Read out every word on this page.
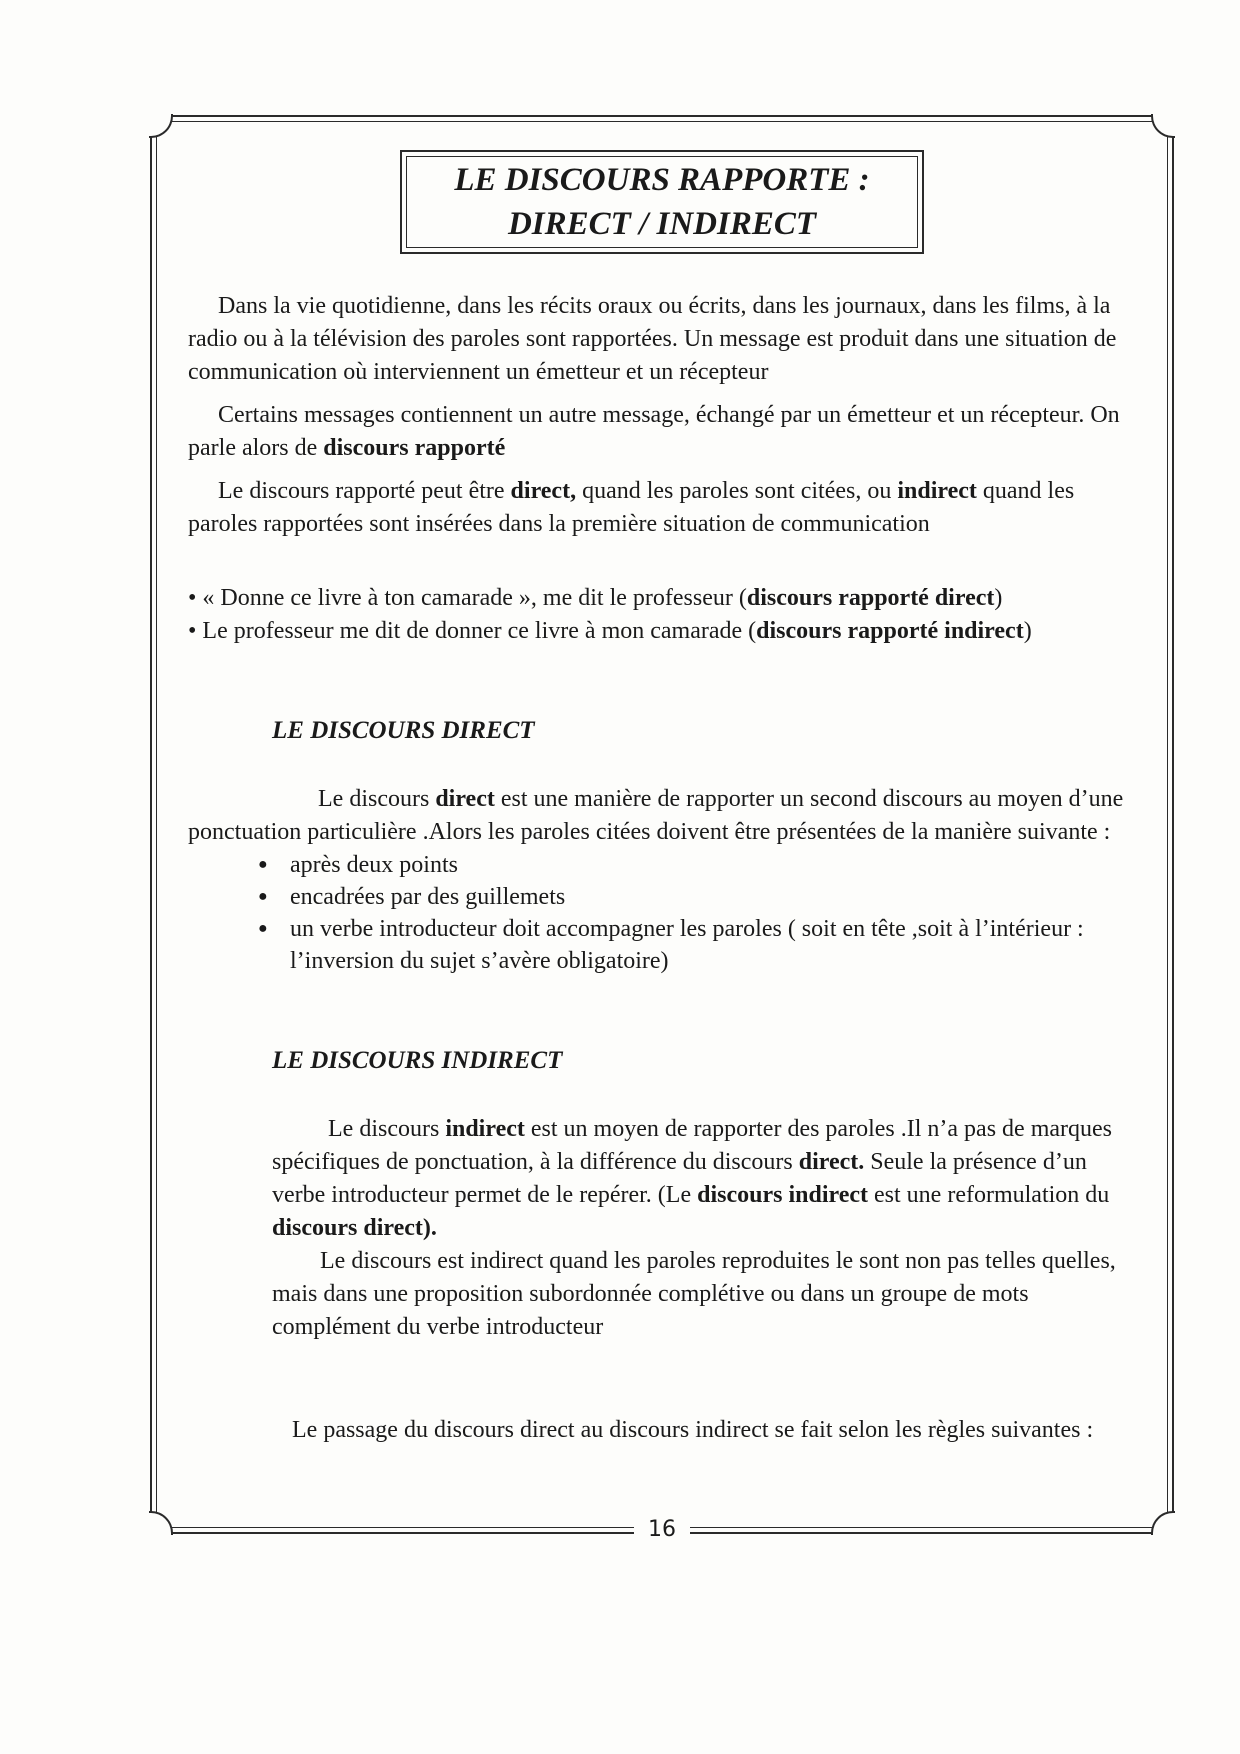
LE DISCOURS RAPPORTE :

DIRECT / INDIRECT

Dans la vie quotidienne, dans les récits oraux ou écrits, dans les journaux, dans les films, à la radio ou à la télévision des paroles sont rapportées. Un message est produit dans une situation de communication où interviennent un émetteur et un récepteur

Certains messages contiennent un autre message, échangé par un émetteur et un récepteur. On parle alors de discours rapporté

Le discours rapporté peut être direct, quand les paroles sont citées, ou indirect quand les paroles rapportées sont insérées dans la première situation de communication

• « Donne ce livre à ton camarade », me dit le professeur (discours rapporté direct)
• Le professeur me dit de donner ce livre à mon camarade (discours rapporté indirect)

LE DISCOURS DIRECT

Le discours direct est une manière de rapporter un second discours au moyen d’une ponctuation particulière .Alors les paroles citées doivent être présentées de la manière suivante :

● après deux points
● encadrées par des guillemets
● un verbe introducteur doit accompagner les paroles ( soit en tête ,soit à l’intérieur : l’inversion du sujet s’avère obligatoire)

LE DISCOURS INDIRECT

Le discours indirect est un moyen de rapporter des paroles .Il n’a pas de marques spécifiques de ponctuation, à la différence du discours direct. Seule la présence d’un verbe introducteur permet de le repérer. (Le discours indirect est une reformulation du discours direct).

Le discours est indirect quand les paroles reproduites le sont non pas telles quelles, mais dans une proposition subordonnée complétive ou dans un groupe de mots complément du verbe introducteur

Le passage du discours direct au discours indirect se fait selon les règles suivantes :

16
